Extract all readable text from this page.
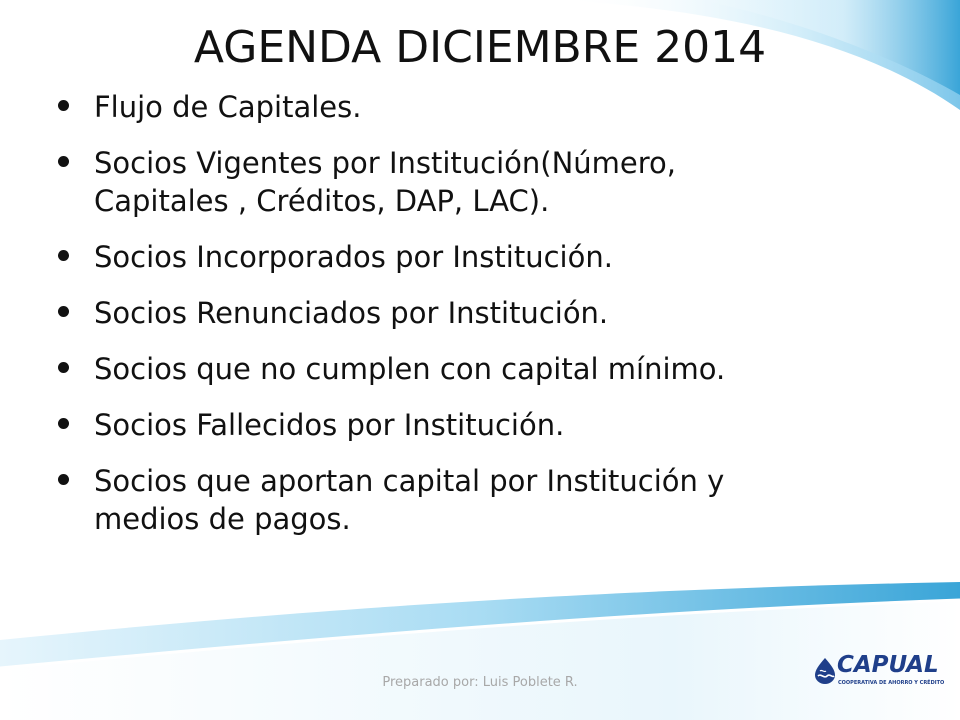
AGENDA DICIEMBRE 2014
Flujo de Capitales.
Socios Vigentes por Institución(Número,
Capitales , Créditos, DAP, LAC).
Socios Incorporados por Institución.
Socios Renunciados por Institución.
Socios que no cumplen con capital mínimo.
Socios Fallecidos por Institución.
Socios que aportan capital por Institución y
medios de pagos.
Preparado por: Luis Poblete R.
CAPUAL
COOPERATIVA DE AHORRO Y CRÉDITO
